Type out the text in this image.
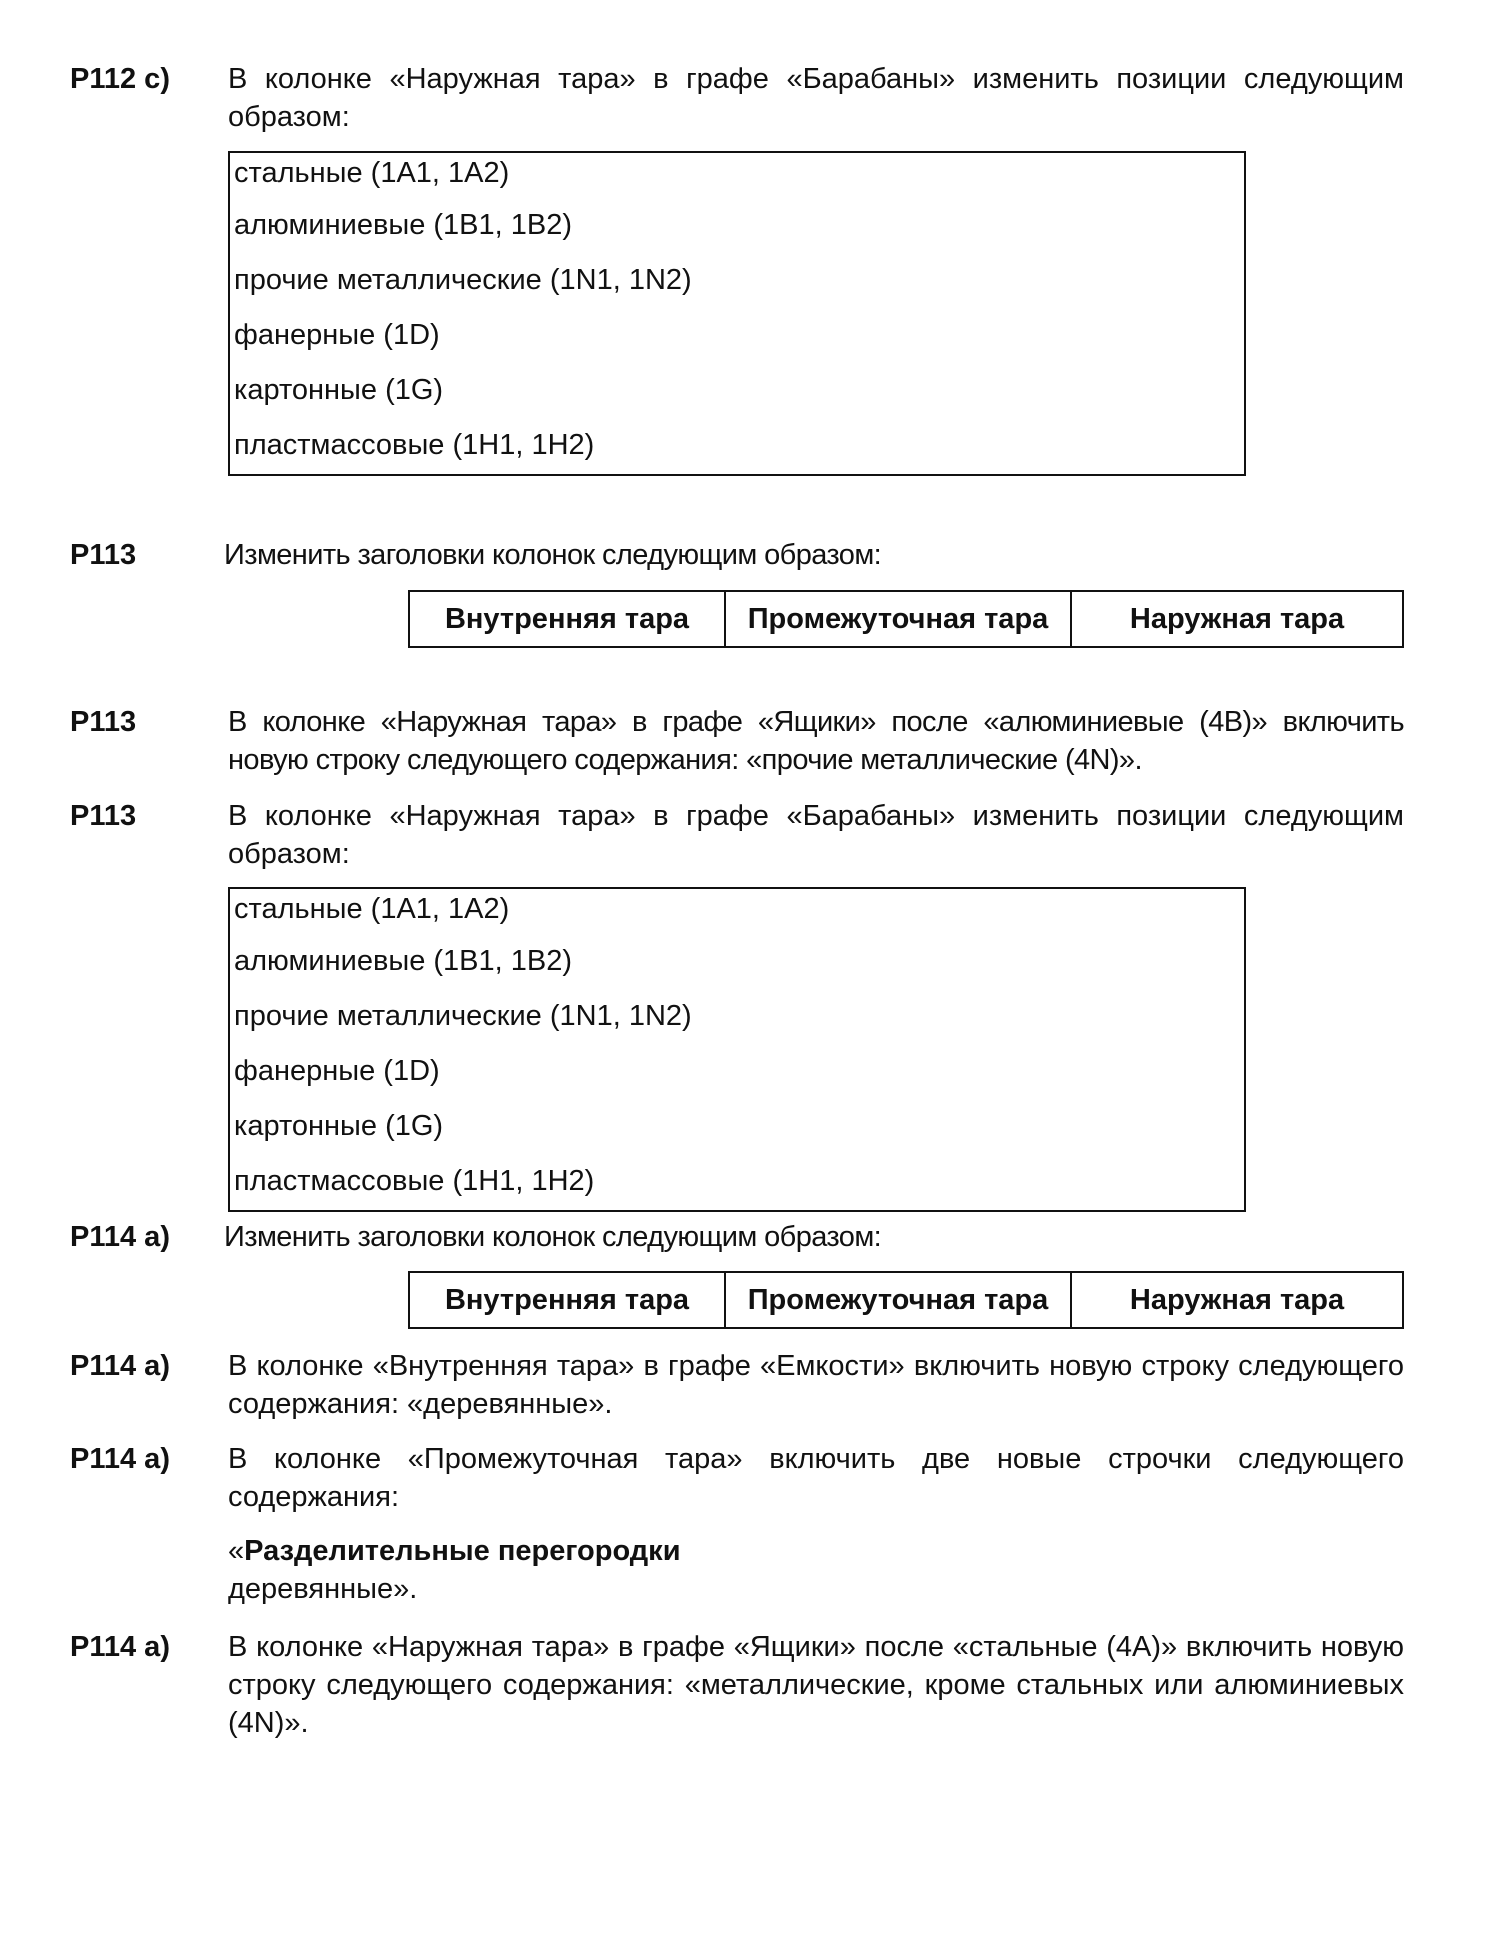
P112 c) В колонке «Наружная тара» в графе «Барабаны» изменить позиции следующим образом:
стальные (1A1, 1A2)
алюминиевые (1B1, 1B2)
прочие металлические (1N1, 1N2)
фанерные (1D)
картонные (1G)
пластмассовые (1H1, 1H2)
P113	Изменить заголовки колонок следующим образом:
Внутренняя тара	Промежуточная тара	Наружная тара
P113	В колонке «Наружная тара» в графе «Ящики» после «алюминиевые (4B)» включить новую строку следующего содержания: «прочие металлические (4N)».
P113	В колонке «Наружная тара» в графе «Барабаны» изменить позиции следующим образом:
стальные (1A1, 1A2)
алюминиевые (1B1, 1B2)
прочие металлические (1N1, 1N2)
фанерные (1D)
картонные (1G)
пластмассовые (1H1, 1H2)
P114 a) Изменить заголовки колонок следующим образом:
Внутренняя тара	Промежуточная тара	Наружная тара
P114 a) В колонке «Внутренняя тара» в графе «Емкости» включить новую строку следующего содержания: «деревянные».
P114 a) В колонке «Промежуточная тара» включить две новые строчки следующего содержания:
«Разделительные перегородки
деревянные».
P114 a) В колонке «Наружная тара» в графе «Ящики» после «стальные (4A)» включить новую строку следующего содержания: «металлические, кроме стальных или алюминиевых (4N)».
